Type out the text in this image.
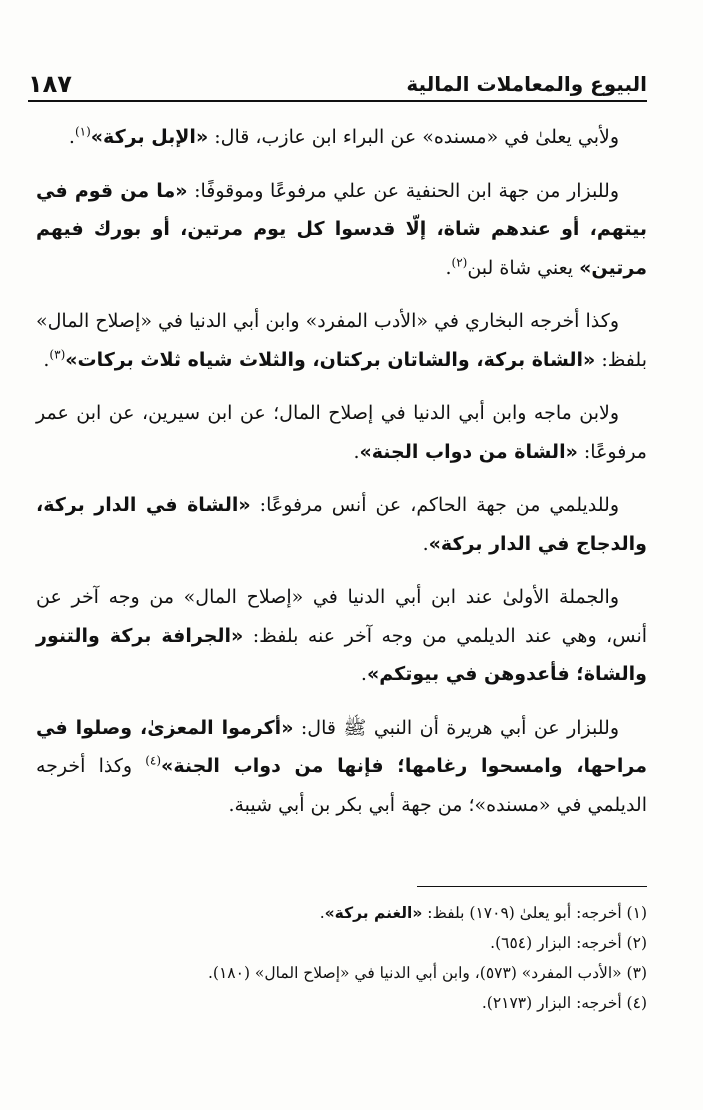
البيوع والمعاملات المالية
١٨٧

ولأبي يعلىٰ في «مسنده» عن البراء ابن عازب، قال: «الإبل بركة»$^{(١)}$.

وللبزار من جهة ابن الحنفية عن علي مرفوعًا وموقوفًا: «ما من قوم في بيتهم، أو عندهم شاة، إلّا قدسوا كل يوم مرتين، أو بورك فيهم مرتين» يعني شاة لبن$^{(٢)}$.

وكذا أخرجه البخاري في «الأدب المفرد» وابن أبي الدنيا في «إصلاح المال» بلفظ: «الشاة بركة، والشاتان بركتان، والثلاث شياه ثلاث بركات»$^{(٣)}$.

ولابن ماجه وابن أبي الدنيا في إصلاح المال؛ عن ابن سيرين، عن ابن عمر مرفوعًا: «الشاة من دواب الجنة».

وللديلمي من جهة الحاكم، عن أنس مرفوعًا: «الشاة في الدار بركة، والدجاج في الدار بركة».

والجملة الأولىٰ عند ابن أبي الدنيا في «إصلاح المال» من وجه آخر عن أنس، وهي عند الديلمي من وجه آخر عنه بلفظ: «الجرافة بركة والتنور والشاة؛ فأعدوهن في بيوتكم».

وللبزار عن أبي هريرة أن النبي ﷺ قال: «أكرموا المعزىٰ، وصلوا في مراحها، وامسحوا رغامها؛ فإنها من دواب الجنة»$^{(٤)}$ وكذا أخرجه الديلمي في «مسنده»؛ من جهة أبي بكر بن أبي شيبة.

(١) أخرجه: أبو يعلىٰ (١٧٠٩) بلفظ: «الغنم بركة».

(٢) أخرجه: البزار (٦٥٤).

(٣) «الأدب المفرد» (٥٧٣)، وابن أبي الدنيا في «إصلاح المال» (١٨٠).

(٤) أخرجه: البزار (٢١٧٣).
